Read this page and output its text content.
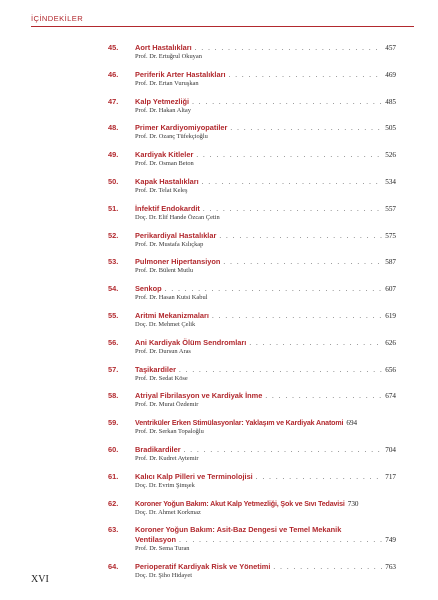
İÇİNDEKİLER
45.	Aort Hastalıkları . . .	457
Prof. Dr. Ertuğrul Okuyan
46.	Periferik Arter Hastalıkları . . .	469
Prof. Dr. Ertan Vuruşkan
47.	Kalp Yetmezliği . . .	485
Prof. Dr. Hakan Altay
48.	Primer Kardiyomiyopatiler . . .	505
Prof. Dr. Ozanç Tüfekçioğlu
49.	Kardiyak Kitleler . . .	526
Prof. Dr. Osman Beton
50.	Kapak Hastalıkları . . .	534
Prof. Dr. Telat Keleş
51.	İnfektif Endokardit . . .	557
Doç. Dr. Elif Hande Özcan Çetin
52.	Perikardiyal Hastalıklar . . .	575
Prof. Dr. Mustafa Kılıçkap
53.	Pulmoner Hipertansiyon . . .	587
Prof. Dr. Bülent Mutlu
54.	Senkop . . .	607
Prof. Dr. Hasan Kutsi Kabul
55.	Aritmi Mekanizmaları . . .	619
Doç. Dr. Mehmet Çelik
56.	Ani Kardiyak Ölüm Sendromları . . .	626
Prof. Dr. Dursun Aras
57.	Taşikardiler . . .	656
Prof. Dr. Sedat Köse
58.	Atriyal Fibrilasyon ve Kardiyak İnme . . .	674
Prof. Dr. Murat Özdemir
59.	Ventriküler Erken Stimülasyonlar: Yaklaşım ve Kardiyak Anatomi 694
Prof. Dr. Serkan Topaloğlu
60.	Bradikardiler . . .	704
Prof. Dr. Kudret Aytemir
61.	Kalıcı Kalp Pilleri ve Terminolojisi . . .	717
Doç. Dr. Evrim Şimşek
62.	Koroner Yoğun Bakım: Akut Kalp Yetmezliği, Şok ve Sıvı Tedavisi 730
Doç. Dr. Ahmet Korkmaz
63.	Koroner Yoğun Bakım: Asit-Baz Dengesi ve Temel Mekanik
Ventilasyon . . .	749
Prof. Dr. Sema Turan
64.	Perioperatif Kardiyak Risk ve Yönetimi . . .	763
Doç. Dr. Şiho Hidayet
XVI
